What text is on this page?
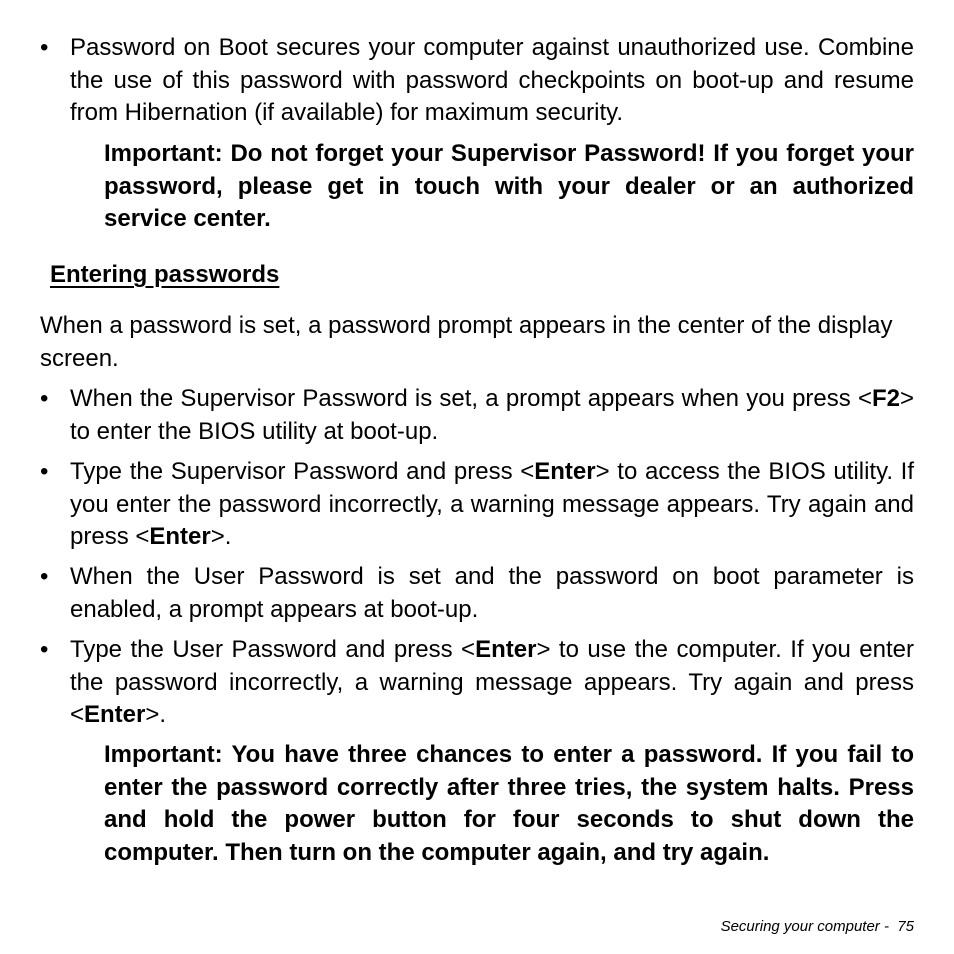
• Password on Boot secures your computer against unauthorized use. Combine the use of this password with password checkpoints on boot-up and resume from Hibernation (if available) for maximum security.
Important: Do not forget your Supervisor Password! If you forget your password, please get in touch with your dealer or an authorized service center.
Entering passwords
When a password is set, a password prompt appears in the center of the display screen.
• When the Supervisor Password is set, a prompt appears when you press <F2> to enter the BIOS utility at boot-up.
• Type the Supervisor Password and press <Enter> to access the BIOS utility. If you enter the password incorrectly, a warning message appears. Try again and press <Enter>.
• When the User Password is set and the password on boot parameter is enabled, a prompt appears at boot-up.
• Type the User Password and press <Enter> to use the computer. If you enter the password incorrectly, a warning message appears. Try again and press <Enter>.
Important: You have three chances to enter a password. If you fail to enter the password correctly after three tries, the system halts. Press and hold the power button for four seconds to shut down the computer. Then turn on the computer again, and try again.
Securing your computer - 75
